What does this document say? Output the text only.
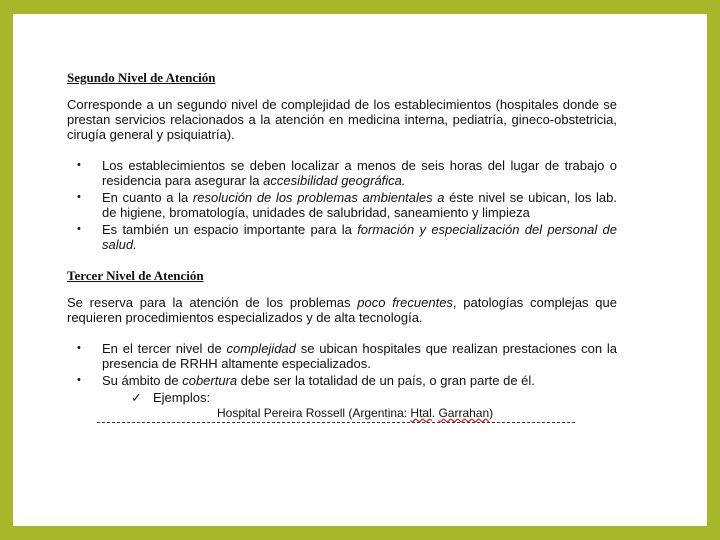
Segundo Nivel de Atención

Corresponde a un segundo nivel de complejidad de los establecimientos (hospitales donde se prestan servicios relacionados a la atención en medicina interna, pediatría, gineco-obstetricia, cirugía general y psiquiatría).

• Los establecimientos se deben localizar a menos de seis horas del lugar de trabajo o residencia para asegurar la accesibilidad geográfica.
• En cuanto a la resolución de los problemas ambientales a éste nivel se ubican, los lab. de higiene, bromatología, unidades de salubridad, saneamiento y limpieza
• Es también un espacio importante para la formación y especialización del personal de salud.
Tercer Nivel de Atención

Se reserva para la atención de los problemas poco frecuentes, patologías complejas que requieren procedimientos especializados y de alta tecnología.

• En el tercer nivel de complejidad se ubican hospitales que realizan prestaciones con la presencia de RRHH altamente especializados.
• Su ámbito de cobertura debe ser la totalidad de un país, o gran parte de él.
✓ Ejemplos:
Hospital Pereira Rossell (Argentina: Htal. Garrahan)
